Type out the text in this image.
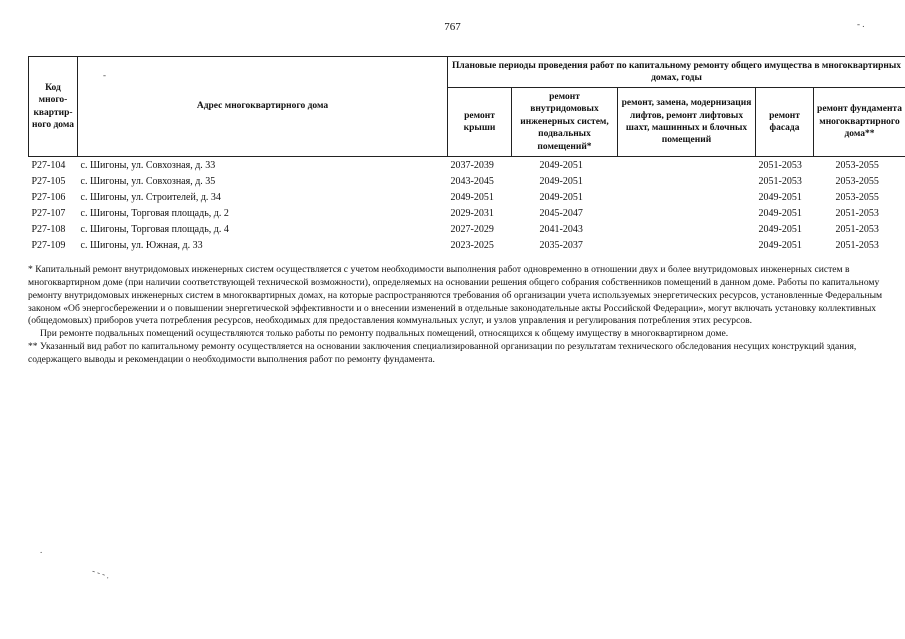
767	- .
-
Код много-квартир-ного дома	Адрес многоквартирного дома	Плановые периоды проведения работ по капитальному ремонту общего имущества в многоквартирных домах, годы				
		ремонт крыши	ремонт внутридомовых инженерных систем, подвальных помещений*	ремонт, замена, модернизация лифтов, ремонт лифтовых шахт, машинных и блочных помещений	ремонт фасада	ремонт фундамента многоквартирного дома**
P27-104	с. Шигоны, ул. Совхозная, д. 33	2037-2039	2049-2051		2051-2053	2053-2055
P27-105	с. Шигоны, ул. Совхозная, д. 35	2043-2045	2049-2051		2051-2053	2053-2055
P27-106	с. Шигоны, ул. Строителей, д. 34	2049-2051	2049-2051		2049-2051	2053-2055
P27-107	с. Шигоны, Торговая площадь, д. 2	2029-2031	2045-2047		2049-2051	2051-2053
P27-108	с. Шигоны, Торговая площадь, д. 4	2027-2029	2041-2043		2049-2051	2051-2053
P27-109	с. Шигоны, ул. Южная, д. 33	2023-2025	2035-2037		2049-2051	2051-2053

* Капитальный ремонт внутридомовых инженерных систем осуществляется с учетом необходимости выполнения работ одновременно в отношении двух и более внутридомовых инженерных систем в многоквартирном доме (при наличии соответствующей технической возможности), определяемых на основании решения общего собрания собственников помещений в данном доме. Работы по капитальному ремонту внутридомовых инженерных систем в многоквартирных домах, на которые распространяются требования об организации учета используемых энергетических ресурсов, установленные Федеральным законом «Об энергосбережении и о повышении энергетической эффективности и о внесении изменений в отдельные законодательные акты Российской Федерации», могут включать установку коллективных (общедомовых) приборов учета потребления ресурсов, необходимых для предоставления коммунальных услуг, и узлов управления и регулирования потребления этих ресурсов.

При ремонте подвальных помещений осуществляются только работы по ремонту подвальных помещений, относящихся к общему имуществу в многоквартирном доме.

** Указанный вид работ по капитальному ремонту осуществляется на основании заключения специализированной организации по результатам технического обследования несущих конструкций здания, содержащего выводы и рекомендации о необходимости выполнения работ по ремонту фундамента.

.
- - - .
